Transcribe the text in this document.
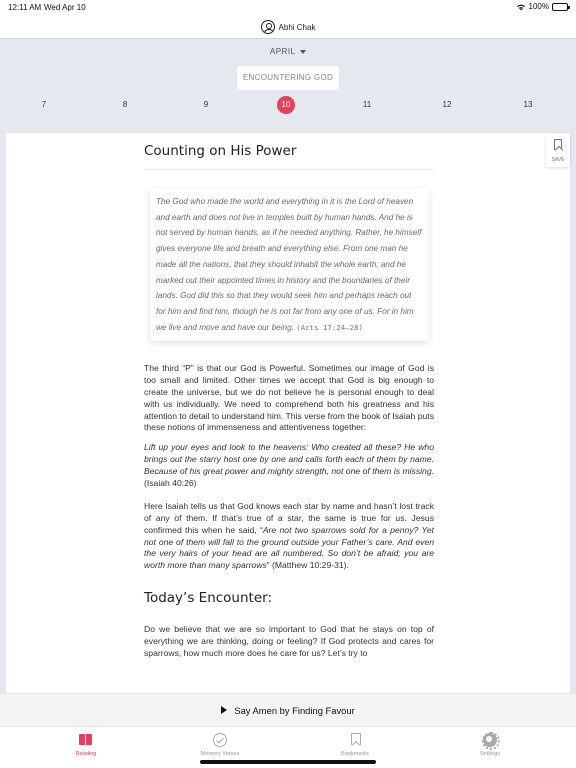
12:11 AM Wed Apr 10	100%
Abhi Chak
APRIL
ENCOUNTERING GOD
7	8	9	10	11	12	13
Counting on His Power
The God who made the world and everything in it is the Lord of heaven and earth and does not live in temples built by human hands. And he is not served by human hands, as if he needed anything. Rather, he himself gives everyone life and breath and everything else. From one man he made all the nations, that they should inhabit the whole earth; and he marked out their appointed times in history and the boundaries of their lands. God did this so that they would seek him and perhaps reach out for him and find him, though he is not far from any one of us. For in him we live and move and have our being. (Acts 17:24–28)

The third “P” is that our God is Powerful. Sometimes our image of God is too small and limited. Other times we accept that God is big enough to create the universe, but we do not believe he is personal enough to deal with us individually. We need to comprehend both his greatness and his attention to detail to understand him. This verse from the book of Isaiah puts these notions of immenseness and attentiveness together:

Lift up your eyes and look to the heavens: Who created all these? He who brings out the starry host one by one and calls forth each of them by name. Because of his great power and mighty strength, not one of them is missing. (Isaiah 40:26)

Here Isaiah tells us that God knows each star by name and hasn’t lost track of any of them. If that’s true of a star, the same is true for us. Jesus confirmed this when he said, “Are not two sparrows sold for a penny? Yet not one of them will fall to the ground outside your Father’s care. And even the very hairs of your head are all numbered. So don’t be afraid; you are worth more than many sparrows” (Matthew 10:29-31).

Today’s Encounter:

Do we believe that we are so important to God that he stays on top of everything we are thinking, doing or feeling? If God protects and cares for sparrows, how much more does he care for us? Let’s try to

SAVE
Say Amen by Finding Favour
Reading	Memory Verses	Bookmarks	Settings
